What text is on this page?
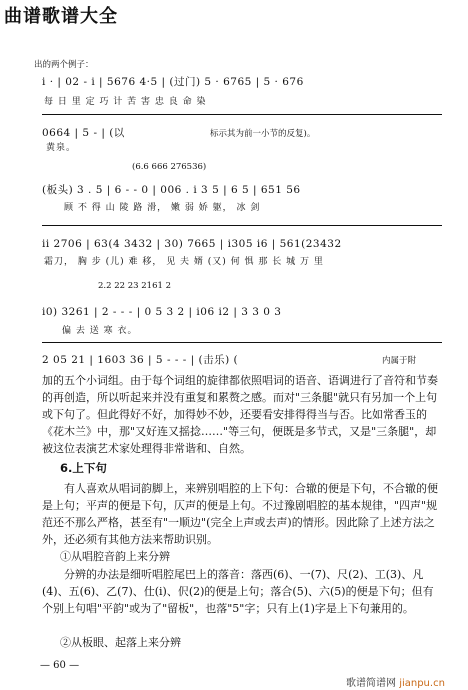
曲谱歌谱大全
出的两个例子：
i · | 02 - i | 5676 4·5 | (过门) 5 · 6765 | 5 · 676
每 日 里 定 巧 计 苦 害 忠 良 命 染
0664 | 5 - | (以	标示其为前一小节的反复)。
黄泉。
(6.6 666 276536)
(板头) 3 . 5 | 6 - - 0 | 006 . i 3 5 | 6 5 | 651 56
顾 不 得 山 陵 路 滑， 嫩 弱 娇 躯， 冰 剑
ii 2706 | 63(4 3432 | 30) 7665 | i305 i6 | 561(23432
霜刀， 胸 步 (儿) 难 移， 见 夫 婿 (又) 何 惧 那 长 城 万 里
2.2 22 23 2161 2
i0) 3261 | 2 - - - | 0 5 3 2 | i06 i2 | 3 3 0 3
偏 去 送 寒 衣。
2 05 21 | 1603 36 | 5 - - - | (击乐) (	内属于附
加的五个小词组。由于每个词组的旋律都依照唱词的语音、语调进行了音符和节奏的再创造，所以听起来并没有重复和累赘之感。而对"三条腿"就只有另加一个上句或下句了。但此得好不好，加得妙不妙，还要看安排得得当与否。比如常香玉的《花木兰》中，那"又好连又摇捻……"等三句，便既是多节式，又是"三条腿"，却被这位表演艺术家处理得非常谐和、自然。
6.上下句
有人喜欢从唱词韵脚上，来辨别唱腔的上下句：合辙的便是下句，不合辙的便是上句；平声的便是下句，仄声的便是上句。不过豫剧唱腔的基本规律，"四声"规范还不那么严格，甚至有"一顺边"(完全上声或去声)的情形。因此除了上述方法之外，还必须有其他方法来帮助识别。
①从唱腔音韵上来分辨
分辨的办法是细听唱腔尾巴上的落音：落西(6)、一(7)、尺(2)、工(3)、凡(4)、五(6)、乙(7)、仕(i)、伬(2)的便是上句；落合(5)、六(5)的便是下句；但有个别上句唱"平韵"或为了"留板"，也落"5"字；只有上(1)字是上下句兼用的。
②从板眼、起落上来分辨
— 60 —
歌谱简谱网 jianpu.cn
